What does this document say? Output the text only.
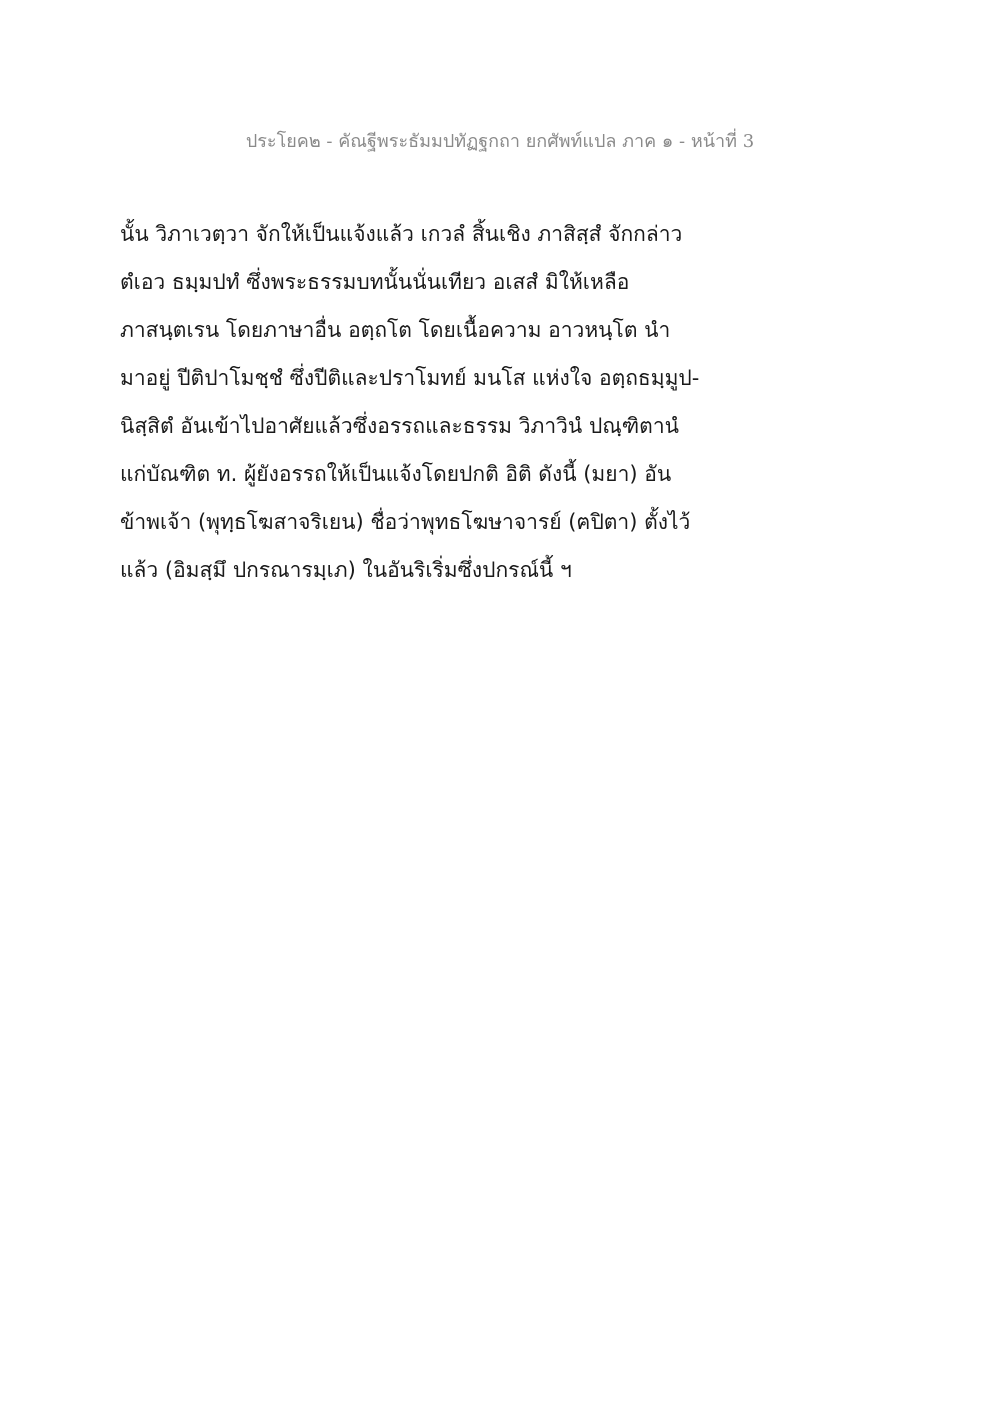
ประโยค๒ - คัณฐีพระธัมมปทัฏฐกถา ยกศัพท์แปล ภาค ๑ - หน้าที่ 3
นั้น วิภาเวตฺวา จักให้เป็นแจ้งแล้ว เกวลํ สิ้นเชิง ภาสิสฺสํ จักกล่าว
ตํเอว ธมฺมปทํ ซึ่งพระธรรมบทนั้นนั่นเทียว อเสสํ มิให้เหลือ
ภาสนฺตเรน โดยภาษาอื่น อตฺถโต โดยเนื้อความ อาวหนฺโต นำ
มาอยู่ ปีติปาโมชฺชํ ซึ่งปีติและปราโมทย์ มนโส แห่งใจ อตฺถธมฺมูป-
นิสฺสิตํ อันเข้าไปอาศัยแล้วซึ่งอรรถและธรรม วิภาวินํ ปณฺฑิตานํ
แก่บัณฑิต ท. ผู้ยังอรรถให้เป็นแจ้งโดยปกติ อิติ ดังนี้ (มยา) อัน
ข้าพเจ้า (พุทฺธโฆสาจริเยน) ชื่อว่าพุทธโฆษาจารย์ (ฅปิตา) ตั้งไว้
แล้ว (อิมสฺมึ ปกรณารมฺเภ) ในอันริเริ่มซึ่งปกรณ์นี้ ฯ
